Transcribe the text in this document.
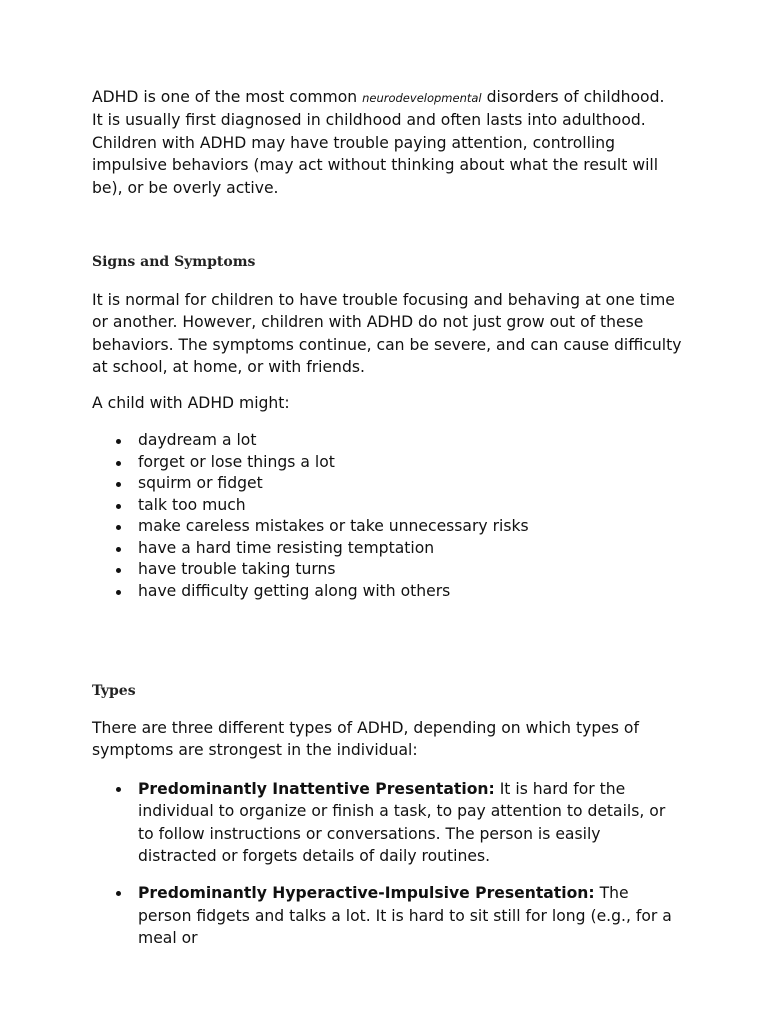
ADHD is one of the most common neurodevelopmental disorders of childhood. It is usually first diagnosed in childhood and often lasts into adulthood. Children with ADHD may have trouble paying attention, controlling impulsive behaviors (may act without thinking about what the result will be), or be overly active.

Signs and Symptoms

It is normal for children to have trouble focusing and behaving at one time or another. However, children with ADHD do not just grow out of these behaviors. The symptoms continue, can be severe, and can cause difficulty at school, at home, or with friends.

A child with ADHD might:

daydream a lot
forget or lose things a lot
squirm or fidget
talk too much
make careless mistakes or take unnecessary risks
have a hard time resisting temptation
have trouble taking turns
have difficulty getting along with others
Types

There are three different types of ADHD, depending on which types of symptoms are strongest in the individual:

Predominantly Inattentive Presentation: It is hard for the individual to organize or finish a task, to pay attention to details, or to follow instructions or conversations. The person is easily distracted or forgets details of daily routines.
Predominantly Hyperactive-Impulsive Presentation: The person fidgets and talks a lot. It is hard to sit still for long (e.g., for a meal or
